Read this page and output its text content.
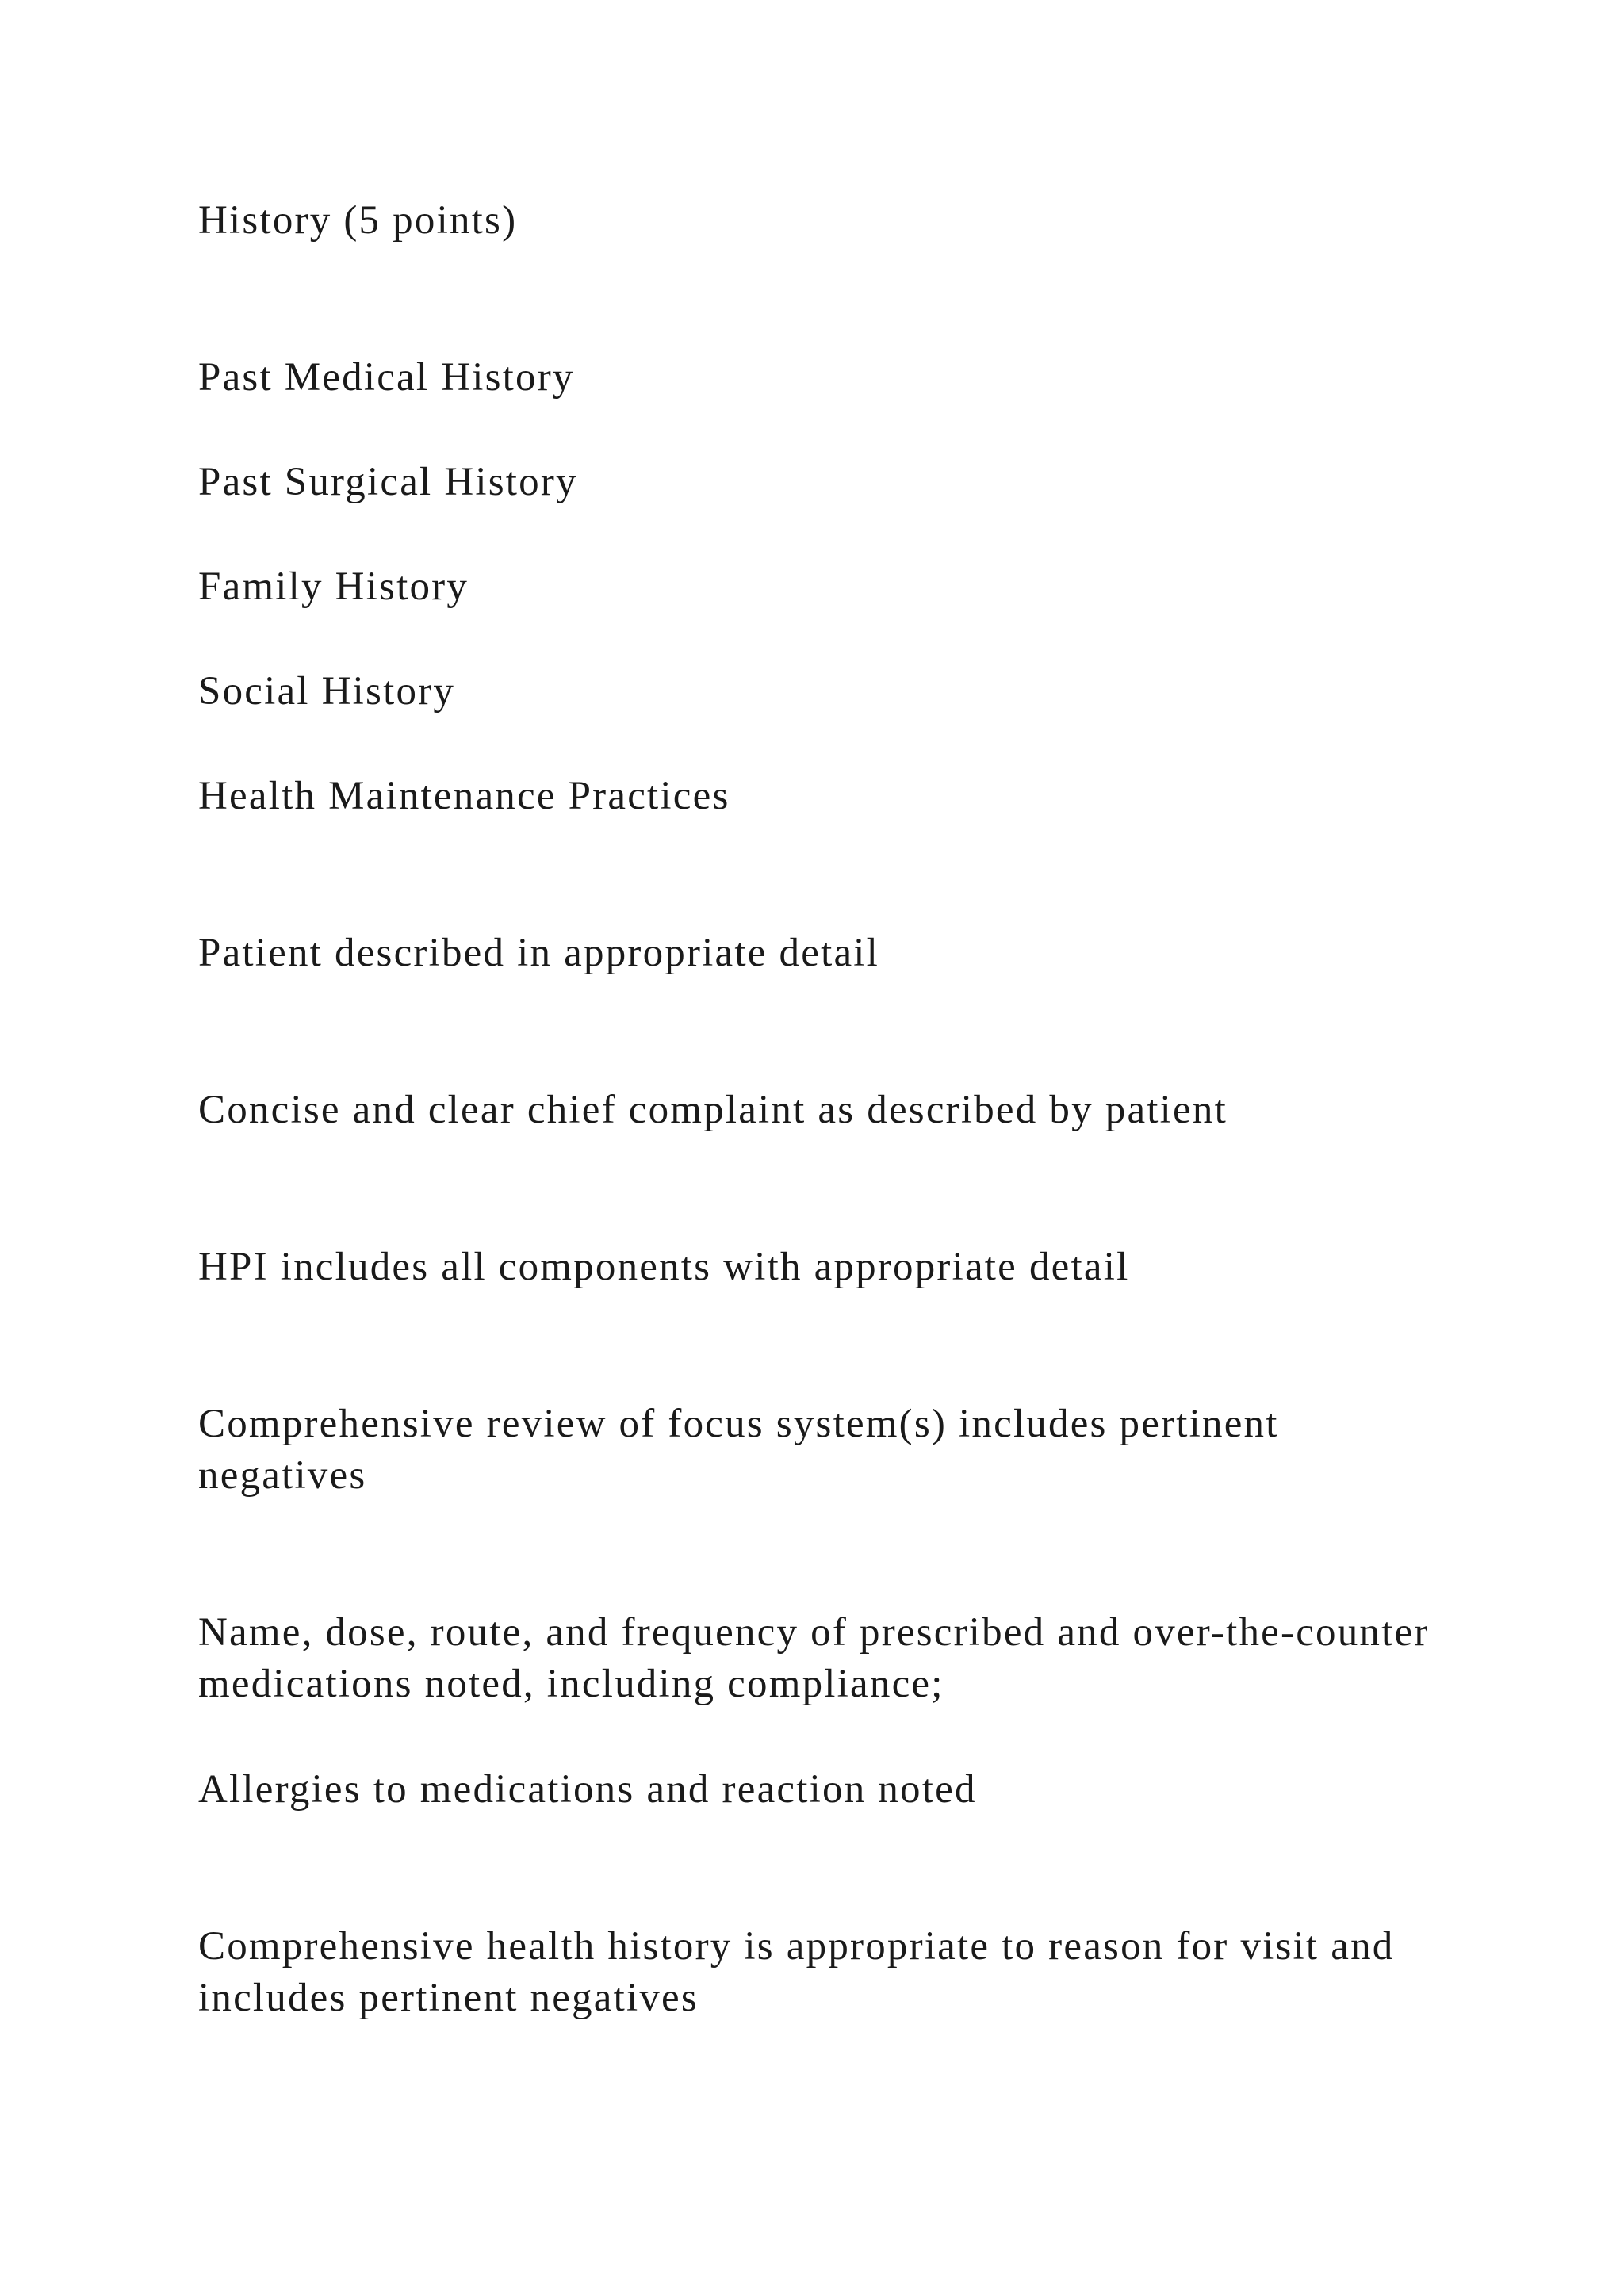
History (5 points)

Past Medical History

Past Surgical History

Family History

Social History

Health Maintenance Practices

Patient described in appropriate detail

Concise and clear chief complaint as described by patient

HPI includes all components with appropriate detail

Comprehensive review of focus system(s) includes pertinent negatives

Name, dose, route, and frequency of prescribed and over-the-counter medications noted, including compliance;

Allergies to medications and reaction noted

Comprehensive health history is appropriate to reason for visit and includes pertinent negatives
